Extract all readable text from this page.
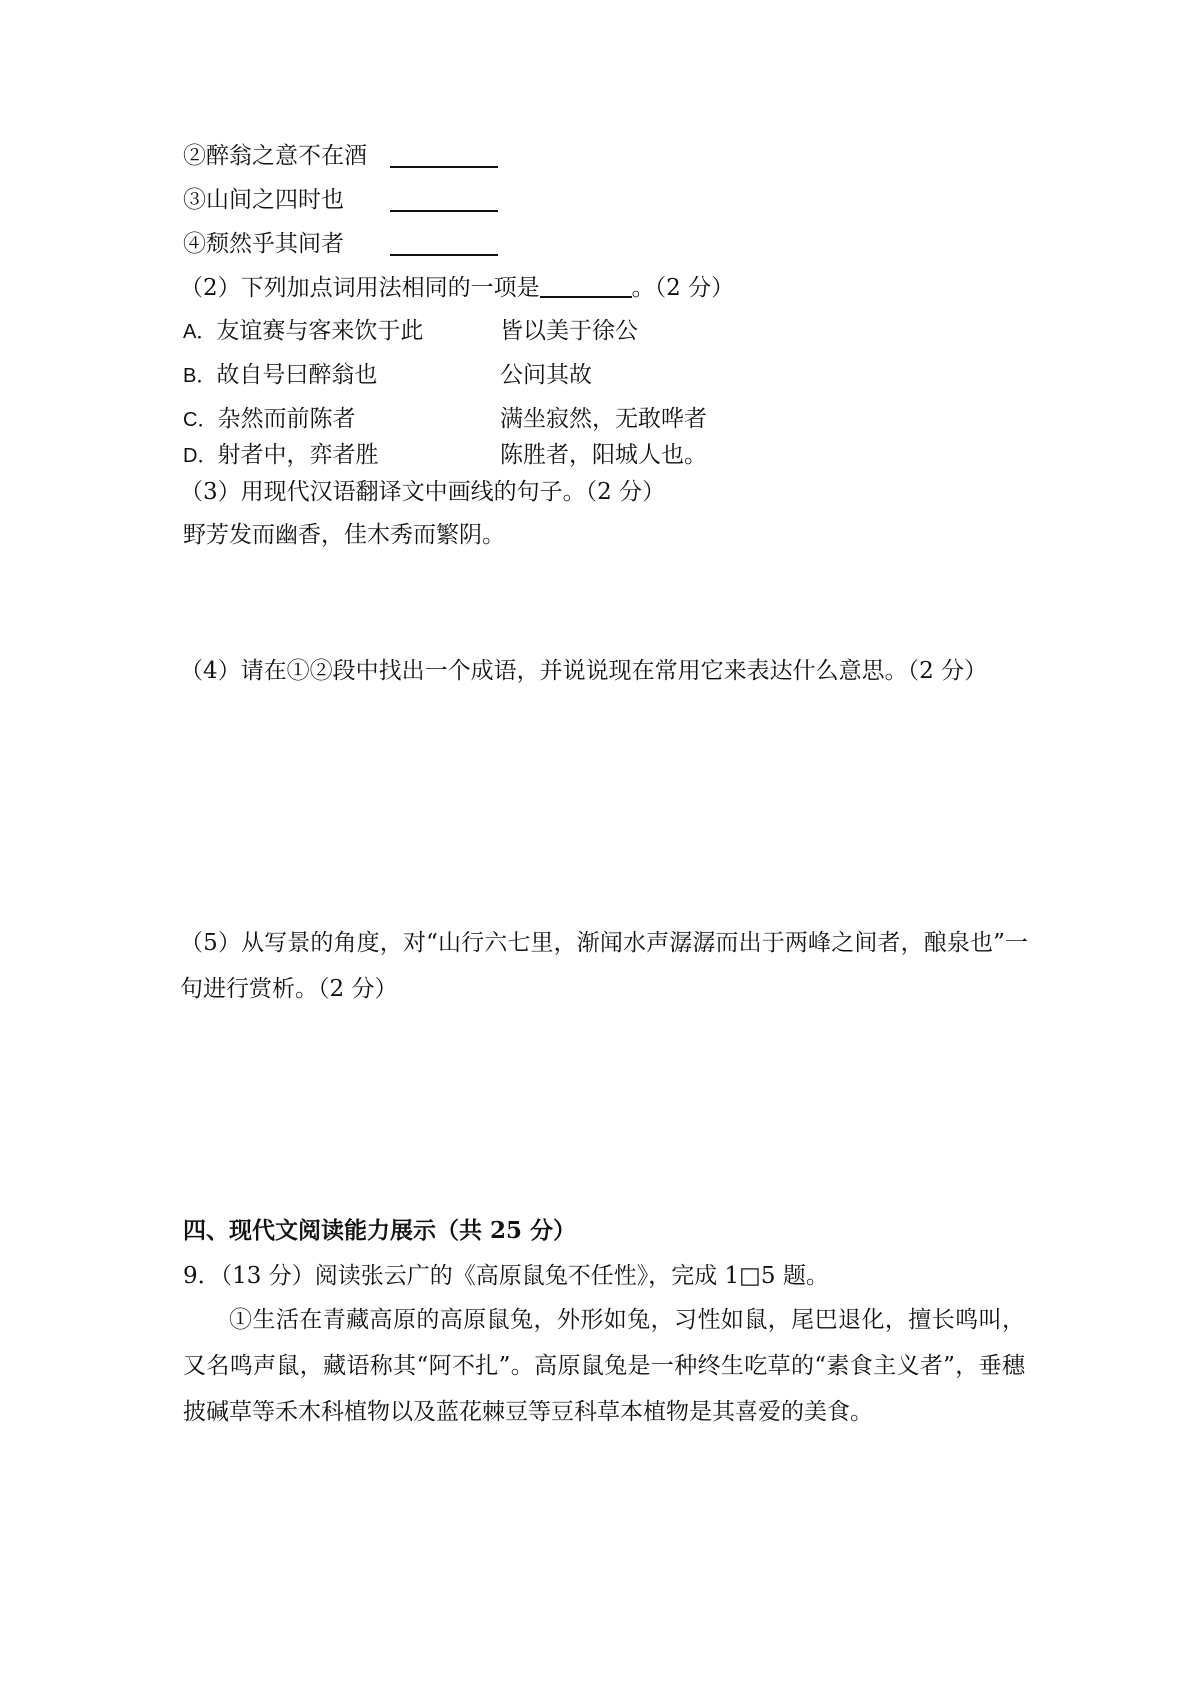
②醉翁之意不在酒
③山间之四时也
④颓然乎其间者
（2）下列加点词用法相同的一项是	。（2 分）
A．友谊赛与客来饮于此	皆以美于徐公
B．故自号曰醉翁也	公问其故
C．杂然而前陈者	满坐寂然，无敢哗者
D．射者中，弈者胜	陈胜者，阳城人也。
（3）用现代汉语翻译文中画线的句子。（2 分）
野芳发而幽香，佳木秀而繁阴。
（4）请在①②段中找出一个成语，并说说现在常用它来表达什么意思。（2 分）
（5）从写景的角度，对“山行六七里，渐闻水声潺潺而出于两峰之间者，酿泉也”一句进行赏析。（2 分）
四、现代文阅读能力展示（共 25 分）
9．（13 分）阅读张云广的《高原鼠兔不任性》，完成 1□5 题。
①生活在青藏高原的高原鼠兔，外形如兔，习性如鼠，尾巴退化，擅长鸣叫，又名鸣声鼠，藏语称其“阿不扎”。高原鼠兔是一种终生吃草的“素食主义者”，垂穗披碱草等禾木科植物以及蓝花棘豆等豆科草本植物是其喜爱的美食。
